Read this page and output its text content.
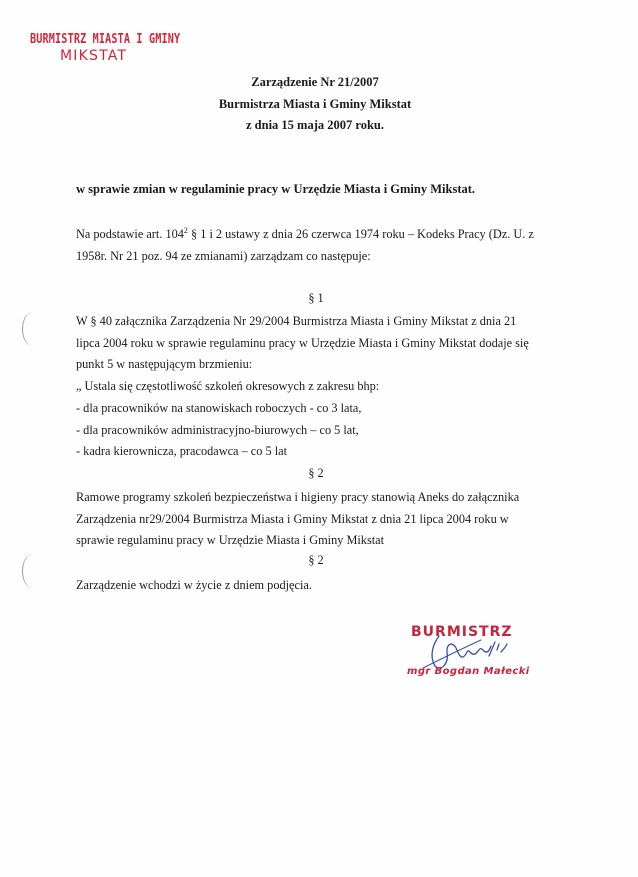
BURMISTRZ MIASTA I GMINY
MIKSTAT
Zarządzenie Nr 21/2007
Burmistrza Miasta i Gminy Mikstat
z dnia 15 maja 2007 roku.
w sprawie zmian w regulaminie pracy w Urzędzie Miasta i Gminy Mikstat.
Na podstawie art. $104^2$ § 1 i 2 ustawy z dnia 26 czerwca 1974 roku – Kodeks Pracy (Dz. U. z
1958r. Nr 21 poz. 94 ze zmianami) zarządzam co następuje:
§ 1
W § 40 załącznika Zarządzenia Nr 29/2004 Burmistrza Miasta i Gminy Mikstat z dnia 21
lipca 2004 roku w sprawie regulaminu pracy w Urzędzie Miasta i Gminy Mikstat dodaje się
punkt 5 w następującym brzmieniu:
„ Ustala się częstotliwość szkoleń okresowych z zakresu bhp:
- dla pracowników na stanowiskach roboczych - co 3 lata,
- dla pracowników administracyjno-biurowych – co 5 lat,
- kadra kierownicza, pracodawca – co 5 lat
§ 2
Ramowe programy szkoleń bezpieczeństwa i higieny pracy stanowią Aneks do załącznika
Zarządzenia nr29/2004 Burmistrza Miasta i Gminy Mikstat z dnia 21 lipca 2004 roku w
sprawie regulaminu pracy w Urzędzie Miasta i Gminy Mikstat
§ 2
Zarządzenie wchodzi w życie z dniem podjęcia.
BURMISTRZ
mgr Bogdan Małecki
